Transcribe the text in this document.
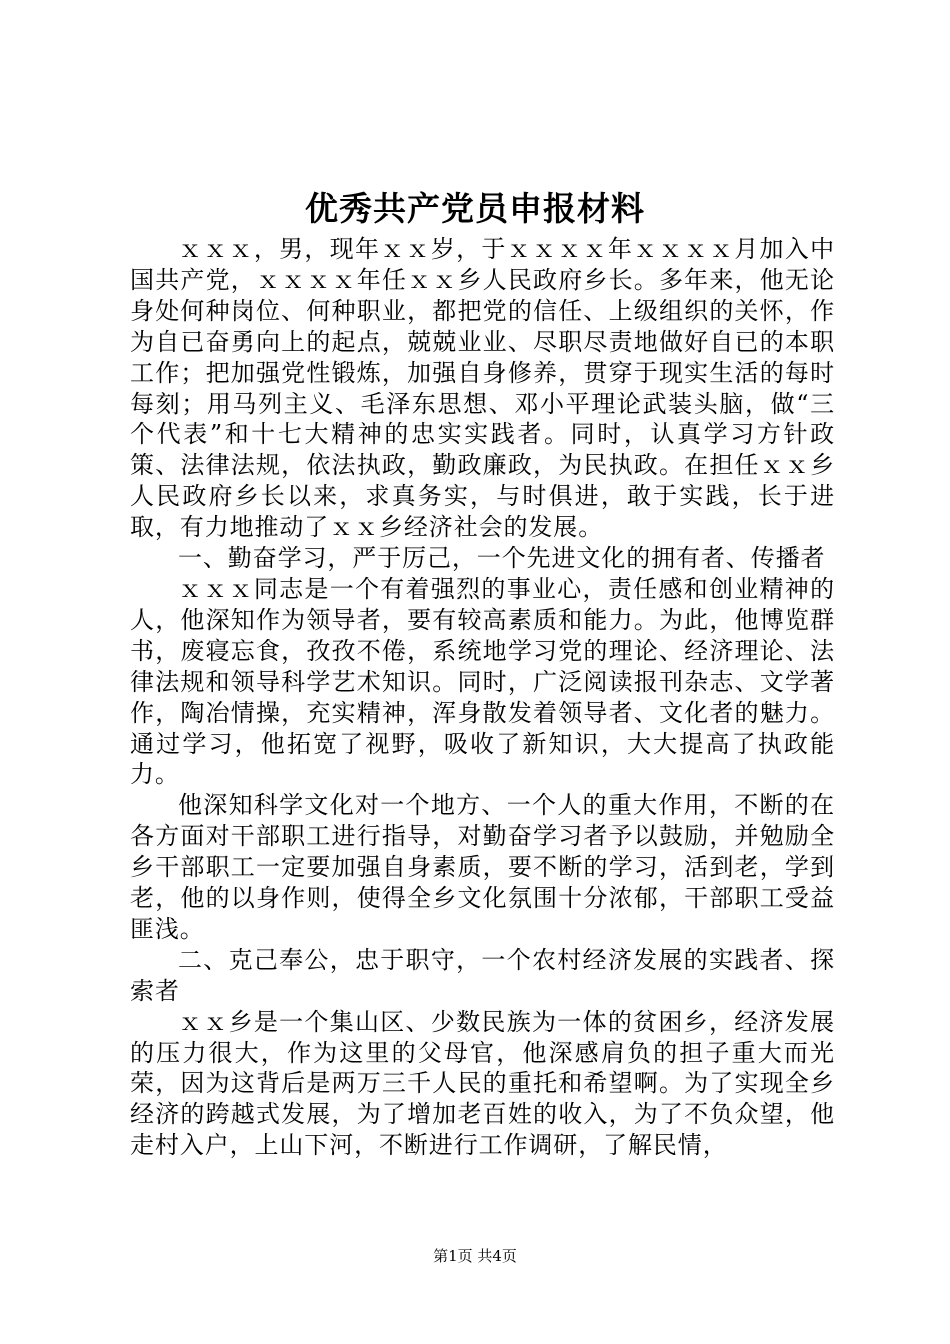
优秀共产党员申报材料

ｘｘｘ，男，现年ｘｘ岁，于ｘｘｘｘ年ｘｘｘｘ月加入中国共产党，ｘｘｘｘ年任ｘｘ乡人民政府乡长。多年来，他无论身处何种岗位、何种职业，都把党的信任、上级组织的关怀，作为自已奋勇向上的起点，兢兢业业、尽职尽责地做好自已的本职工作；把加强党性锻炼，加强自身修养，贯穿于现实生活的每时每刻；用马列主义、毛泽东思想、邓小平理论武装头脑，做“三个代表”和十七大精神的忠实实践者。同时，认真学习方针政策、法律法规，依法执政，勤政廉政，为民执政。在担任ｘｘ乡人民政府乡长以来，求真务实，与时俱进，敢于实践，长于进取，有力地推动了ｘｘ乡经济社会的发展。

一、勤奋学习，严于厉己，一个先进文化的拥有者、传播者

ｘｘｘ同志是一个有着强烈的事业心，责任感和创业精神的人，他深知作为领导者，要有较高素质和能力。为此，他博览群书，废寝忘食，孜孜不倦，系统地学习党的理论、经济理论、法律法规和领导科学艺术知识。同时，广泛阅读报刊杂志、文学著作，陶冶情操，充实精神，浑身散发着领导者、文化者的魅力。通过学习，他拓宽了视野，吸收了新知识，大大提高了执政能力。

他深知科学文化对一个地方、一个人的重大作用，不断的在各方面对干部职工进行指导，对勤奋学习者予以鼓励，并勉励全乡干部职工一定要加强自身素质，要不断的学习，活到老，学到老，他的以身作则，使得全乡文化氛围十分浓郁，干部职工受益匪浅。

二、克己奉公，忠于职守，一个农村经济发展的实践者、探索者

ｘｘ乡是一个集山区、少数民族为一体的贫困乡，经济发展的压力很大，作为这里的父母官，他深感肩负的担子重大而光荣，因为这背后是两万三千人民的重托和希望啊。为了实现全乡经济的跨越式发展，为了增加老百姓的收入，为了不负众望，他走村入户，上山下河，不断进行工作调研，了解民情，

第1页 共4页
